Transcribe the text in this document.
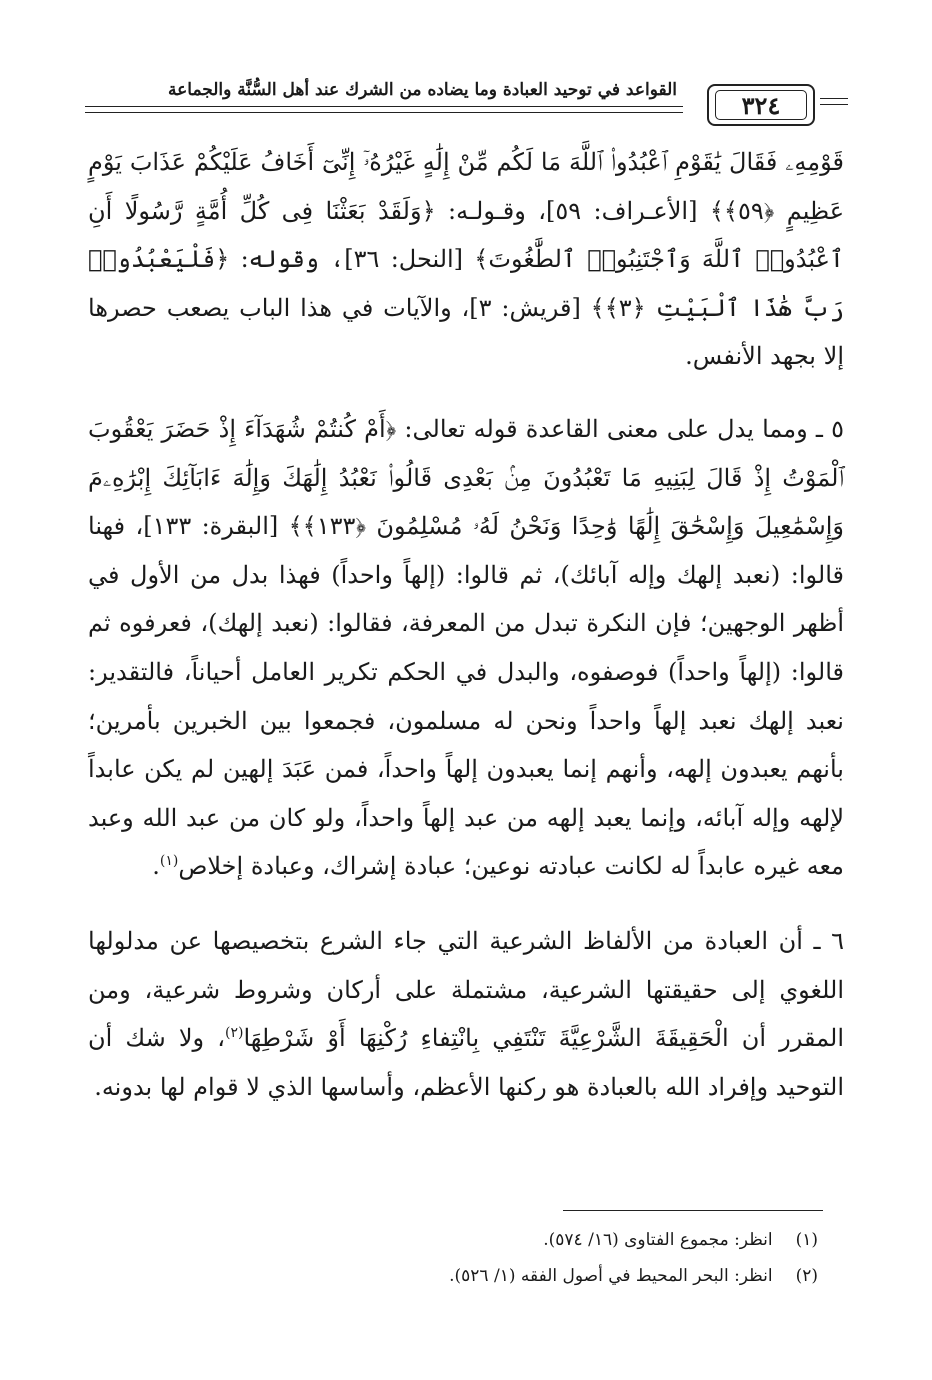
القواعد في توحيد العبادة وما يضاده من الشرك عند أهل السُّنَّة والجماعة
٣٢٤

قَوْمِهِۦ فَقَالَ يَٰقَوْمِ ٱعْبُدُوا۟ ٱللَّهَ مَا لَكُم مِّنْ إِلَٰهٍ غَيْرُهُۥٓ إِنِّىٓ أَخَافُ عَلَيْكُمْ عَذَابَ يَوْمٍ عَظِيمٍ ﴿٥٩﴾﴾ [الأعـراف: ٥٩]، وقـولـه: ﴿وَلَقَدْ بَعَثْنَا فِى كُلِّ أُمَّةٍ رَّسُولًا أَنِ ٱعْبُدُوا۟ ٱللَّهَ وَٱجْتَنِبُوا۟ ٱلطَّٰغُوتَ﴾ [النحل: ٣٦]، وقوله: ﴿فَلْيَعْبُدُوا۟ رَبَّ هَٰذَا ٱلْبَيْتِ ﴿٣﴾﴾ [قريش: ٣]، والآيات في هذا الباب يصعب حصرها إلا بجهد الأنفس.

٥ ـ ومما يدل على معنى القاعدة قوله تعالى: ﴿أَمْ كُنتُمْ شُهَدَآءَ إِذْ حَضَرَ يَعْقُوبَ ٱلْمَوْتُ إِذْ قَالَ لِبَنِيهِ مَا تَعْبُدُونَ مِنۢ بَعْدِى قَالُوا۟ نَعْبُدُ إِلَٰهَكَ وَإِلَٰهَ ءَابَآئِكَ إِبْرَٰهِۦمَ وَإِسْمَٰعِيلَ وَإِسْحَٰقَ إِلَٰهًا وَٰحِدًا وَنَحْنُ لَهُۥ مُسْلِمُونَ ﴿١٣٣﴾﴾ [البقرة: ١٣٣]، فهنا قالوا: (نعبد إلهك وإله آبائك)، ثم قالوا: (إلهاً واحداً) فهذا بدل من الأول في أظهر الوجهين؛ فإن النكرة تبدل من المعرفة، فقالوا: (نعبد إلهك)، فعرفوه ثم قالوا: (إلهاً واحداً) فوصفوه، والبدل في الحكم تكرير العامل أحياناً، فالتقدير: نعبد إلهك نعبد إلهاً واحداً ونحن له مسلمون، فجمعوا بين الخبرين بأمرين؛ بأنهم يعبدون إلهه، وأنهم إنما يعبدون إلهاً واحداً، فمن عَبَدَ إلهين لم يكن عابداً لإلهه وإله آبائه، وإنما يعبد إلهه من عبد إلهاً واحداً، ولو كان من عبد الله وعبد معه غيره عابداً له لكانت عبادته نوعين؛ عبادة إشراك، وعبادة إخلاص$^{(١)}$.

٦ ـ أن العبادة من الألفاظ الشرعية التي جاء الشرع بتخصيصها عن مدلولها اللغوي إلى حقيقتها الشرعية، مشتملة على أركان وشروط شرعية، ومن المقرر أن الْحَقِيقَةَ الشَّرْعِيَّةَ تَنْتَفِي بِانْتِفاءِ رُكْنِهَا أَوْ شَرْطِهَا$^{(٢)}$، ولا شك أن التوحيد وإفراد الله بالعبادة هو ركنها الأعظم، وأساسها الذي لا قوام لها بدونه.

(١) انظر: مجموع الفتاوى (١٦/ ٥٧٤).
(٢) انظر: البحر المحيط في أصول الفقه (١/ ٥٢٦).
